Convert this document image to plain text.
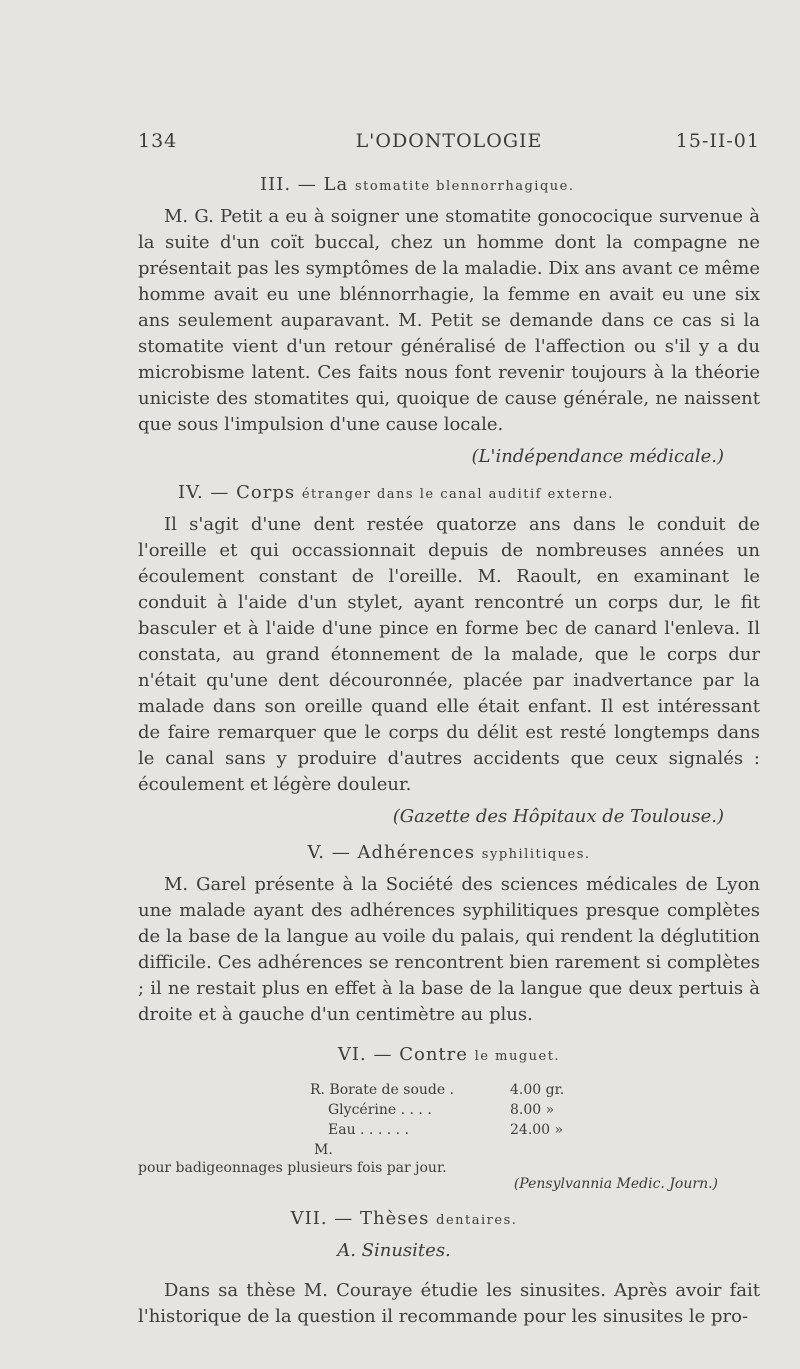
134	L'ODONTOLOGIE	15-II-01
III. — La stomatite blennorrhagique.

M. G. Petit a eu à soigner une stomatite gonococique survenue à la suite d'un coït buccal, chez un homme dont la compagne ne présentait pas les symptômes de la maladie. Dix ans avant ce même homme avait eu une blénnorrhagie, la femme en avait eu une six ans seulement auparavant. M. Petit se demande dans ce cas si la stomatite vient d'un retour généralisé de l'affection ou s'il y a du microbisme latent. Ces faits nous font revenir toujours à la théorie uniciste des stomatites qui, quoique de cause générale, ne naissent que sous l'impulsion d'une cause locale.

(L'indépendance médicale.)
IV. — Corps étranger dans le canal auditif externe.

Il s'agit d'une dent restée quatorze ans dans le conduit de l'oreille et qui occassionnait depuis de nombreuses années un écoulement constant de l'oreille. M. Raoult, en examinant le conduit à l'aide d'un stylet, ayant rencontré un corps dur, le fit basculer et à l'aide d'une pince en forme bec de canard l'enleva. Il constata, au grand étonnement de la malade, que le corps dur n'était qu'une dent découronnée, placée par inadvertance par la malade dans son oreille quand elle était enfant. Il est intéressant de faire remarquer que le corps du délit est resté longtemps dans le canal sans y produire d'autres accidents que ceux signalés : écoulement et légère douleur.

(Gazette des Hôpitaux de Toulouse.)
V. — Adhérences syphilitiques.

M. Garel présente à la Société des sciences médicales de Lyon une malade ayant des adhérences syphilitiques presque complètes de la base de la langue au voile du palais, qui rendent la déglutition difficile. Ces adhérences se rencontrent bien rarement si complètes ; il ne restait plus en effet à la base de la langue que deux pertuis à droite et à gauche d'un centimètre au plus.

VI. — Contre le muguet.
R. Borate de soude .	4.00 gr.
Glycérine . . . .	8.00 »
Eau . . . . . .	24.00 »
M.
pour badigeonnages plusieurs fois par jour.
(Pensylvannia Medic. Journ.)
VII. — Thèses dentaires.
A. Sinusites.

Dans sa thèse M. Couraye étudie les sinusites. Après avoir fait l'historique de la question il recommande pour les sinusites le pro-
